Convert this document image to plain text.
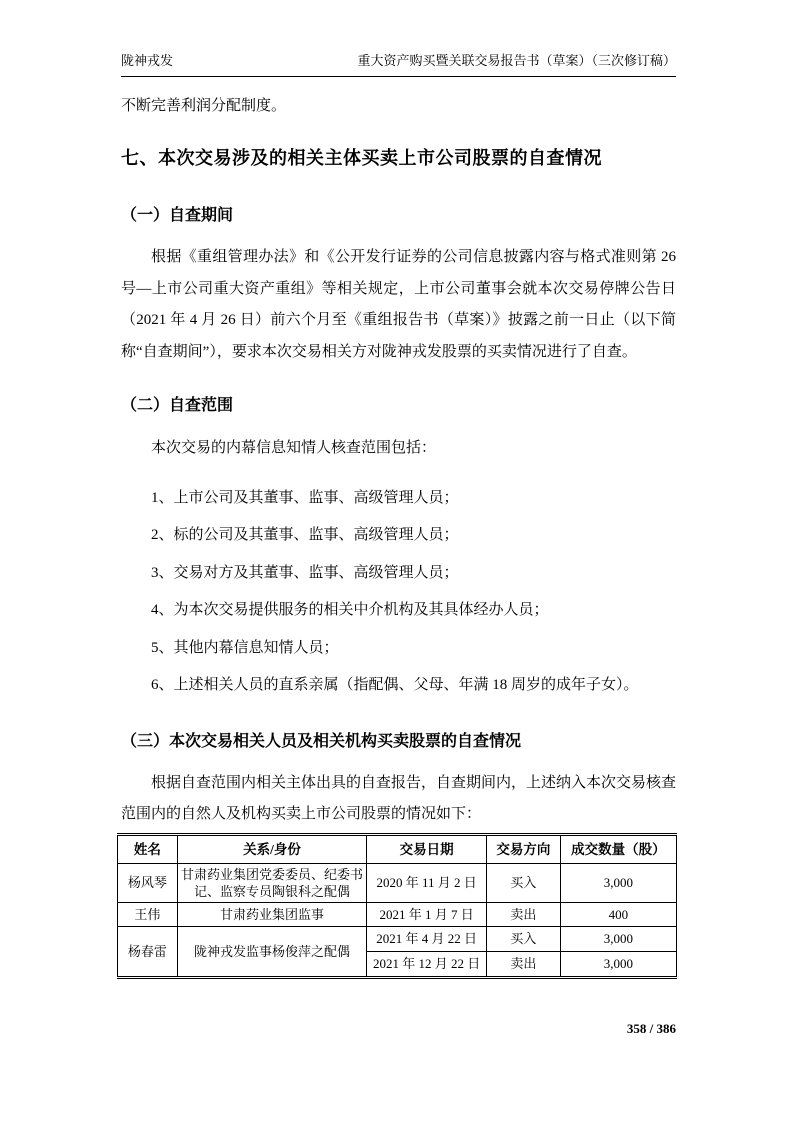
陇神戎发	重大资产购买暨关联交易报告书（草案）（三次修订稿）

不断完善利润分配制度。

七、本次交易涉及的相关主体买卖上市公司股票的自查情况
（一）自查期间

根据《重组管理办法》和《公开发行证券的公司信息披露内容与格式准则第 26 号—上市公司重大资产重组》等相关规定，上市公司董事会就本次交易停牌公告日（2021 年 4 月 26 日）前六个月至《重组报告书（草案）》披露之前一日止（以下简称“自查期间”），要求本次交易相关方对陇神戎发股票的买卖情况进行了自查。

（二）自查范围

本次交易的内幕信息知情人核查范围包括：

1、上市公司及其董事、监事、高级管理人员；

2、标的公司及其董事、监事、高级管理人员；

3、交易对方及其董事、监事、高级管理人员；

4、为本次交易提供服务的相关中介机构及其具体经办人员；

5、其他内幕信息知情人员；

6、上述相关人员的直系亲属（指配偶、父母、年满 18 周岁的成年子女）。

（三）本次交易相关人员及相关机构买卖股票的自查情况

根据自查范围内相关主体出具的自查报告，自查期间内，上述纳入本次交易核查范围内的自然人及机构买卖上市公司股票的情况如下：

姓名	关系/身份	交易日期	交易方向	成交数量（股）
杨风琴	甘肃药业集团党委委员、纪委书记、监察专员陶银科之配偶	2020 年 11 月 2 日	买入	3,000
王伟	甘肃药业集团监事	2021 年 1 月 7 日	卖出	400
杨春雷	陇神戎发监事杨俊萍之配偶	2021 年 4 月 22 日	买入	3,000
		2021 年 12 月 22 日	卖出	3,000
358 / 386
